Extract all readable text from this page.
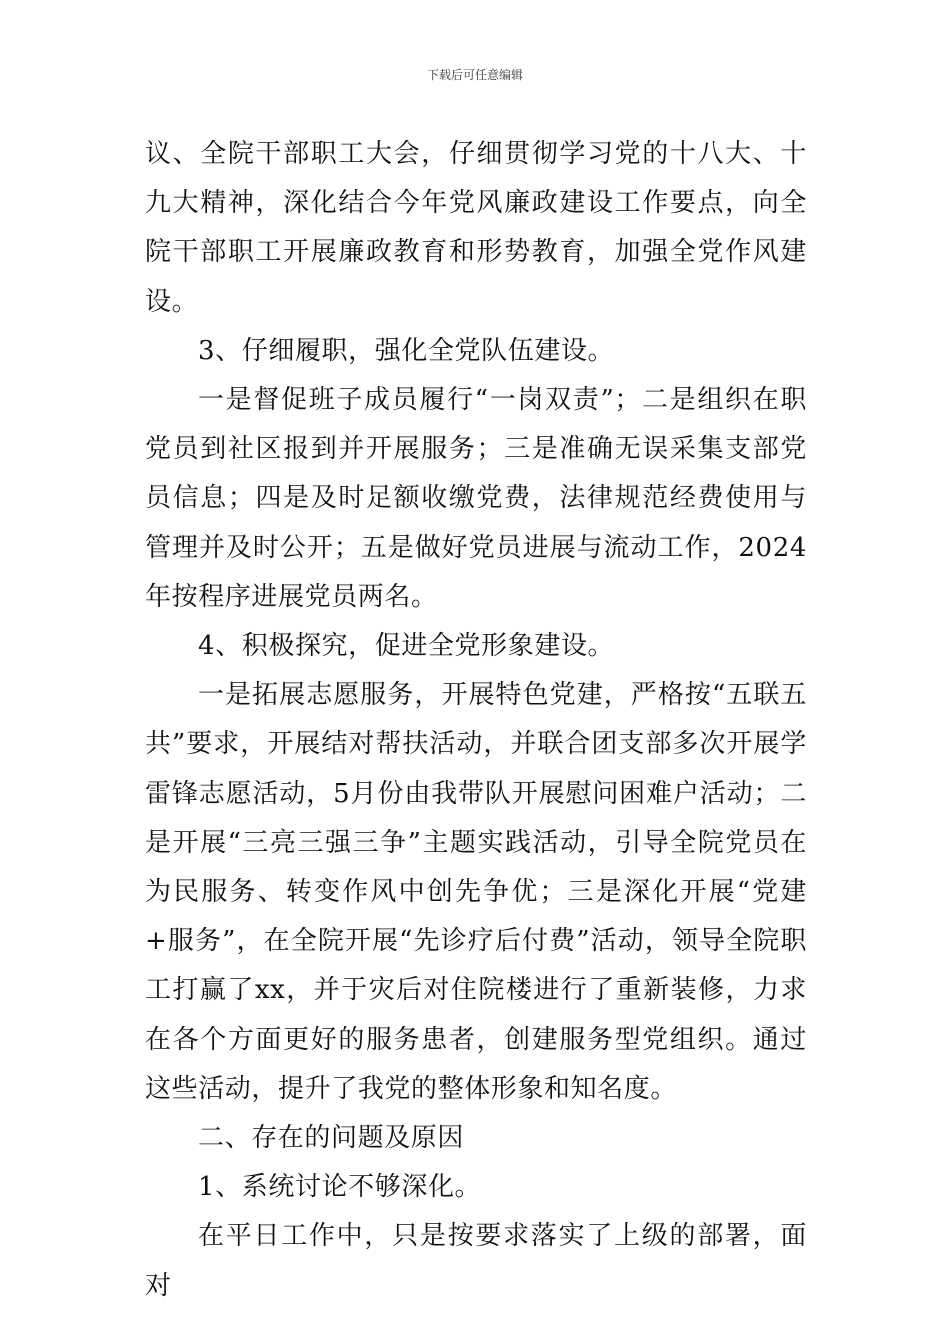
下载后可任意编辑

议、全院干部职工大会，仔细贯彻学习党的十八大、十九大精神，深化结合今年党风廉政建设工作要点，向全院干部职工开展廉政教育和形势教育，加强全党作风建设。

3、仔细履职，强化全党队伍建设。

一是督促班子成员履行“一岗双责”；二是组织在职党员到社区报到并开展服务；三是准确无误采集支部党员信息；四是及时足额收缴党费，法律规范经费使用与管理并及时公开；五是做好党员进展与流动工作，2024年按程序进展党员两名。

4、积极探究，促进全党形象建设。

一是拓展志愿服务，开展特色党建，严格按“五联五共”要求，开展结对帮扶活动，并联合团支部多次开展学雷锋志愿活动，5月份由我带队开展慰问困难户活动；二是开展“三亮三强三争”主题实践活动，引导全院党员在为民服务、转变作风中创先争优；三是深化开展“党建+服务”，在全院开展“先诊疗后付费”活动，领导全院职工打赢了xx，并于灾后对住院楼进行了重新装修，力求在各个方面更好的服务患者，创建服务型党组织。通过这些活动，提升了我党的整体形象和知名度。

二、存在的问题及原因

1、系统讨论不够深化。

在平日工作中，只是按要求落实了上级的部署，面对
